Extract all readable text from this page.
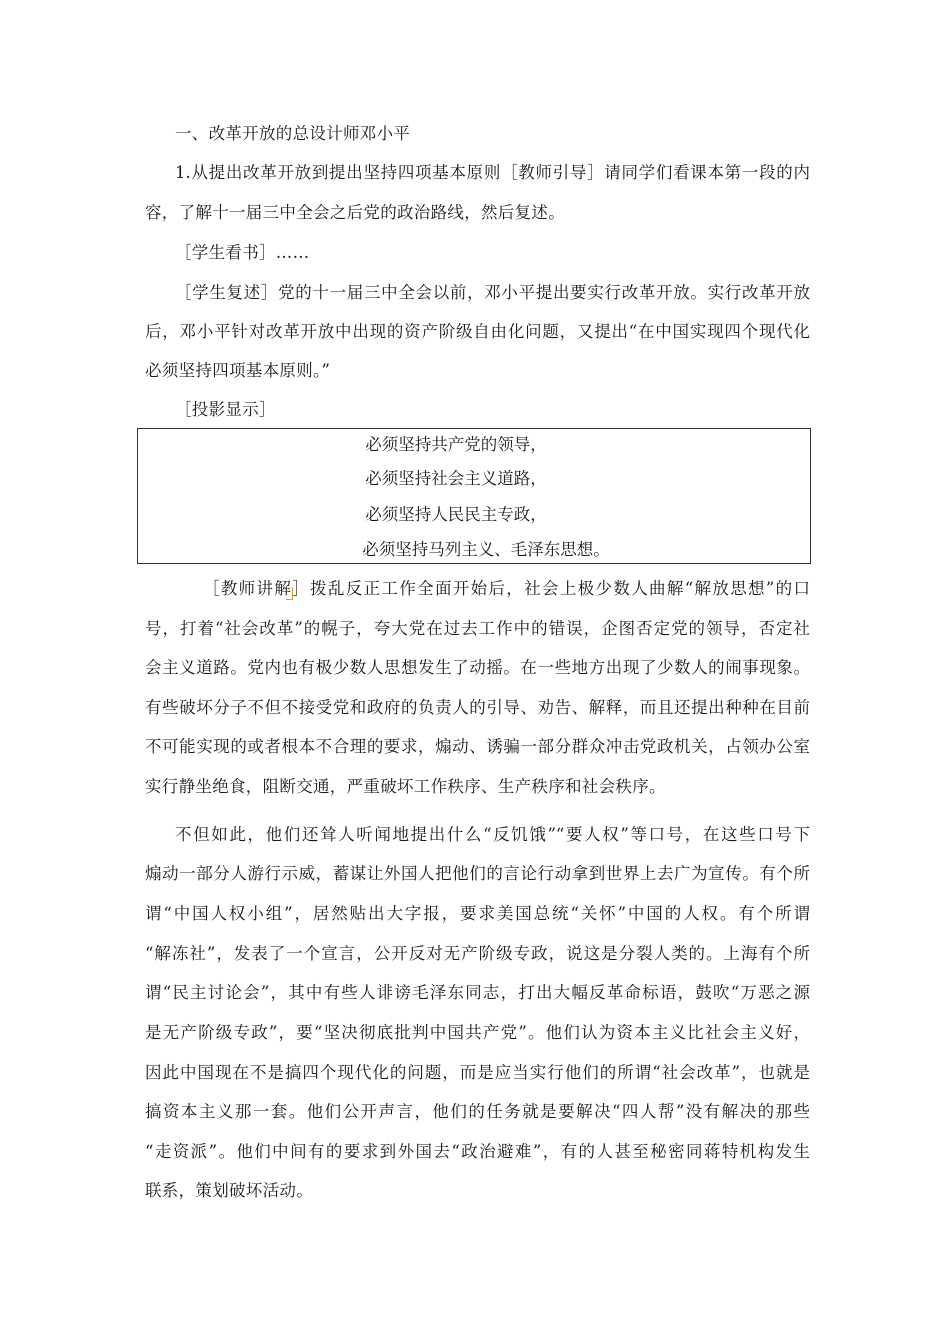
一、改革开放的总设计师邓小平
1.从提出改革开放到提出坚持四项基本原则［教师引导］请同学们看课本第一段的内
容，了解十一届三中全会之后党的政治路线，然后复述。
［学生看书］……
［学生复述］党的十一届三中全会以前，邓小平提出要实行改革开放。实行改革开放
后，邓小平针对改革开放中出现的资产阶级自由化问题，又提出“在中国实现四个现代化
必须坚持四项基本原则。”
［投影显示］
必须坚持共产党的领导，
必须坚持社会主义道路，
必须坚持人民民主专政，
必须坚持马列主义、毛泽东思想。
［教师讲解］拨乱反正工作全面开始后，社会上极少数人曲解“解放思想”的口
号，打着“社会改革”的幌子，夸大党在过去工作中的错误，企图否定党的领导，否定社
会主义道路。党内也有极少数人思想发生了动摇。在一些地方出现了少数人的闹事现象。
有些破坏分子不但不接受党和政府的负责人的引导、劝告、解释，而且还提出种种在目前
不可能实现的或者根本不合理的要求，煽动、诱骗一部分群众冲击党政机关，占领办公室
实行静坐绝食，阻断交通，严重破坏工作秩序、生产秩序和社会秩序。
不但如此，他们还耸人听闻地提出什么“反饥饿”“要人权”等口号，在这些口号下
煽动一部分人游行示威，蓄谋让外国人把他们的言论行动拿到世界上去广为宣传。有个所
谓“中国人权小组”，居然贴出大字报，要求美国总统“关怀”中国的人权。有个所谓
“解冻社”，发表了一个宣言，公开反对无产阶级专政，说这是分裂人类的。上海有个所
谓“民主讨论会”，其中有些人诽谤毛泽东同志，打出大幅反革命标语，鼓吹“万恶之源
是无产阶级专政”，要“坚决彻底批判中国共产党”。他们认为资本主义比社会主义好，
因此中国现在不是搞四个现代化的问题，而是应当实行他们的所谓“社会改革”，也就是
搞资本主义那一套。他们公开声言，他们的任务就是要解决“四人帮”没有解决的那些
“走资派”。他们中间有的要求到外国去“政治避难”，有的人甚至秘密同蒋特机构发生
联系，策划破坏活动。
